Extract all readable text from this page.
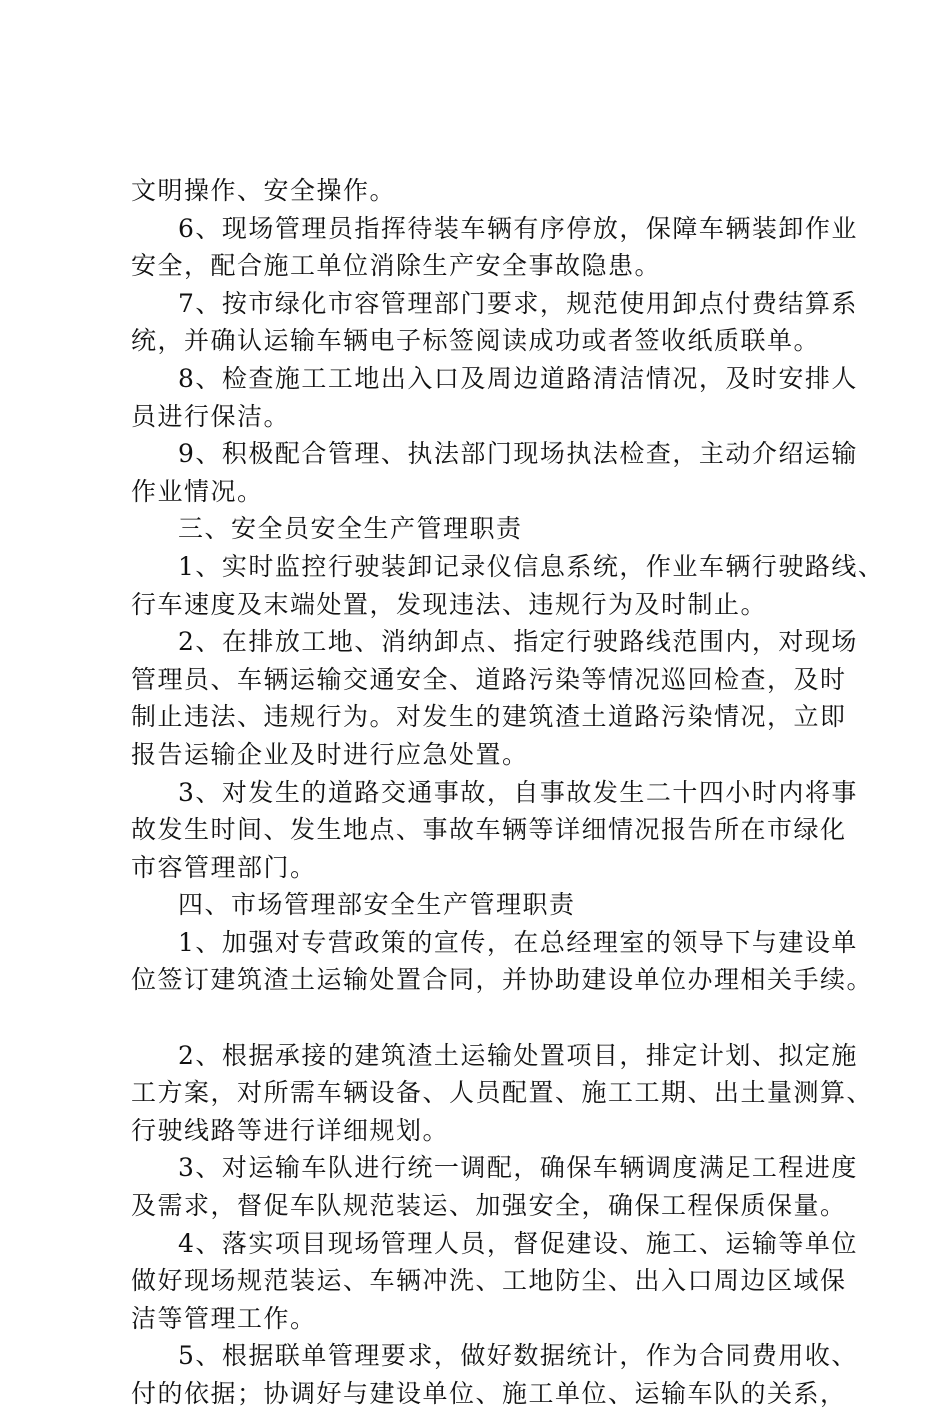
文明操作、安全操作。
6、现场管理员指挥待装车辆有序停放，保障车辆装卸作业
安全，配合施工单位消除生产安全事故隐患。
7、按市绿化市容管理部门要求，规范使用卸点付费结算系
统，并确认运输车辆电子标签阅读成功或者签收纸质联单。
8、检查施工工地出入口及周边道路清洁情况，及时安排人
员进行保洁。
9、积极配合管理、执法部门现场执法检查，主动介绍运输
作业情况。
三、安全员安全生产管理职责
1、实时监控行驶装卸记录仪信息系统，作业车辆行驶路线、
行车速度及末端处置，发现违法、违规行为及时制止。
2、在排放工地、消纳卸点、指定行驶路线范围内，对现场
管理员、车辆运输交通安全、道路污染等情况巡回检查，及时
制止违法、违规行为。对发生的建筑渣土道路污染情况，立即
报告运输企业及时进行应急处置。
3、对发生的道路交通事故，自事故发生二十四小时内将事
故发生时间、发生地点、事故车辆等详细情况报告所在市绿化
市容管理部门。
四、市场管理部安全生产管理职责
1、加强对专营政策的宣传，在总经理室的领导下与建设单
位签订建筑渣土运输处置合同，并协助建设单位办理相关手续。
2、根据承接的建筑渣土运输处置项目，排定计划、拟定施
工方案，对所需车辆设备、人员配置、施工工期、出土量测算、
行驶线路等进行详细规划。
3、对运输车队进行统一调配，确保车辆调度满足工程进度
及需求，督促车队规范装运、加强安全，确保工程保质保量。
4、落实项目现场管理人员，督促建设、施工、运输等单位
做好现场规范装运、车辆冲洗、工地防尘、出入口周边区域保
洁等管理工作。
5、根据联单管理要求，做好数据统计，作为合同费用收、
付的依据；协调好与建设单位、施工单位、运输车队的关系，
